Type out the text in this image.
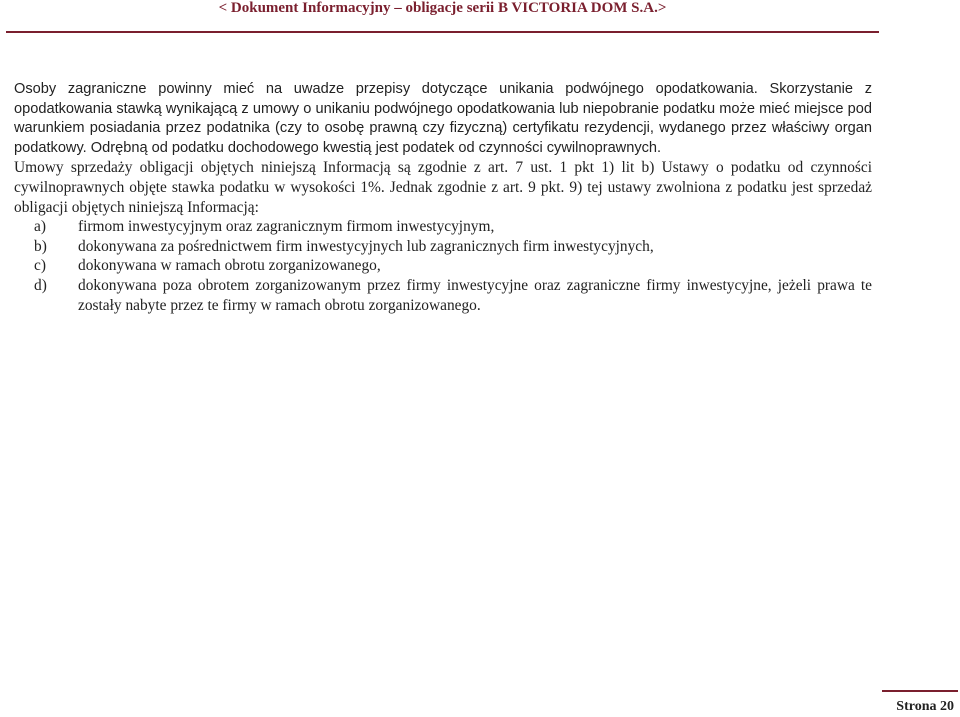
< Dokument Informacyjny – obligacje serii B VICTORIA DOM S.A.>

Osoby zagraniczne powinny mieć na uwadze przepisy dotyczące unikania podwójnego opodatkowania. Skorzystanie z opodatkowania stawką wynikającą z umowy o unikaniu podwójnego opodatkowania lub niepobranie podatku może mieć miejsce pod warunkiem posiadania przez podatnika (czy to osobę prawną czy fizyczną) certyfikatu rezydencji, wydanego przez właściwy organ podatkowy. Odrębną od podatku dochodowego kwestią jest podatek od czynności cywilnoprawnych.

Umowy sprzedaży obligacji objętych niniejszą Informacją są zgodnie z art. 7 ust. 1 pkt 1) lit b) Ustawy o podatku od czynności cywilnoprawnych objęte stawka podatku w wysokości 1%. Jednak zgodnie z art. 9 pkt. 9) tej ustawy zwolniona z podatku jest sprzedaż obligacji objętych niniejszą Informacją:

a)	firmom inwestycyjnym oraz zagranicznym firmom inwestycyjnym,
b)	dokonywana za pośrednictwem firm inwestycyjnych lub zagranicznych firm inwestycyjnych,
c)	dokonywana w ramach obrotu zorganizowanego,
d)	dokonywana poza obrotem zorganizowanym przez firmy inwestycyjne oraz zagraniczne firmy inwestycyjne, jeżeli prawa te zostały nabyte przez te firmy w ramach obrotu zorganizowanego.
Strona 20
